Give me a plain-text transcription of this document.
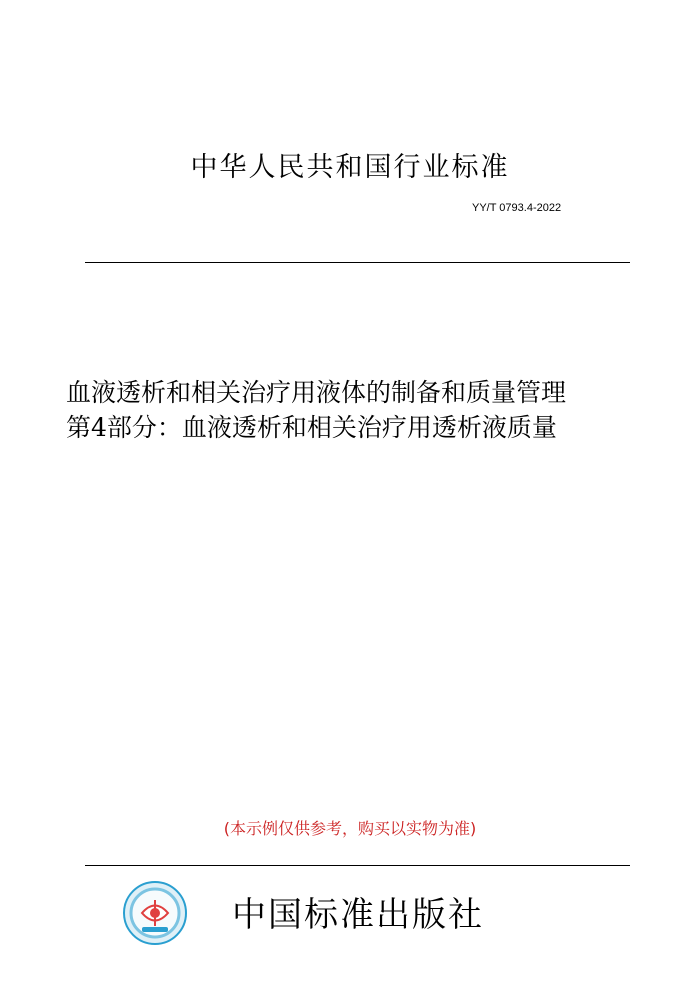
中华人民共和国行业标准
YY/T 0793.4-2022
血液透析和相关治疗用液体的制备和质量管理
第4部分：血液透析和相关治疗用透析液质量
(本示例仅供参考，购买以实物为准)
中国标准出版社
